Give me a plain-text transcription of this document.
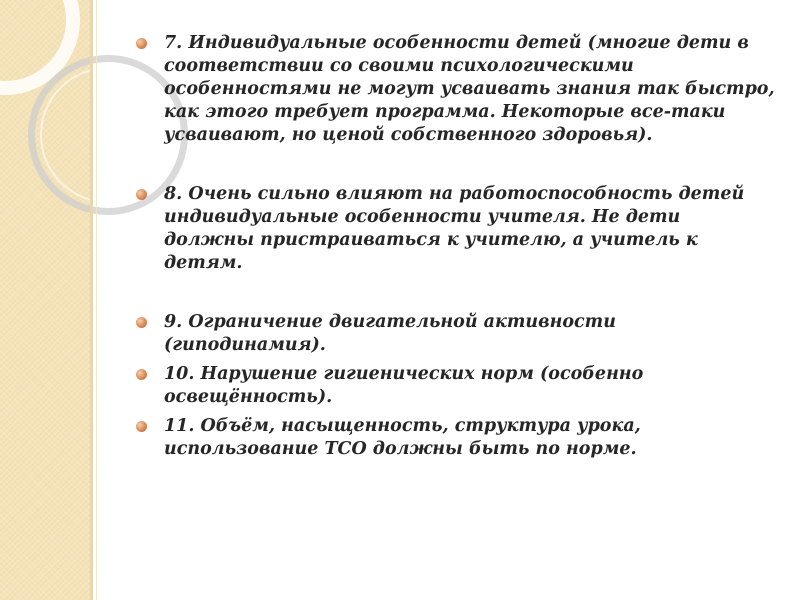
7. Индивидуальные особенности детей (многие дети в соответствии со своими психологическими особенностями не могут усваивать знания так быстро, как этого требует программа. Некоторые все-таки усваивают, но ценой собственного здоровья).
8. Очень сильно влияют на работоспособность детей индивидуальные особенности учителя. Не дети должны пристраиваться к учителю, а учитель к детям.
9. Ограничение двигательной активности (гиподинамия).
10. Нарушение гигиенических норм (особенно освещённость).
11. Объём, насыщенность, структура урока, использование ТСО должны быть по норме.
